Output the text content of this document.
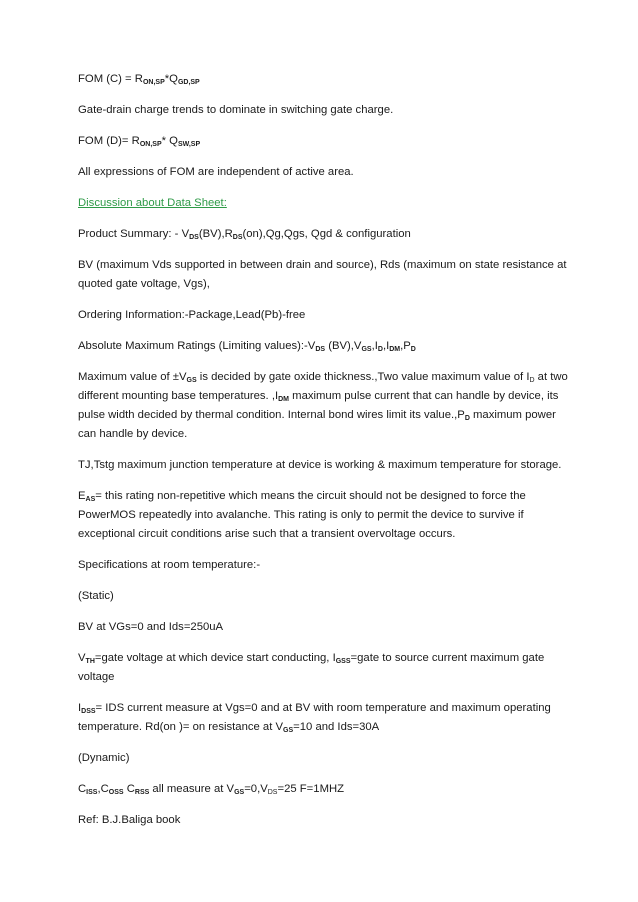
FOM $(C) = R_{ON,SP}*Q_{GD,SP}$

Gate-drain charge trends to dominate in switching gate charge.

FOM $(D)= R_{ON,SP}*$ $Q_{SW,SP}$

All expressions of FOM are independent of active area.

Discussion about Data Sheet:

Product Summary: - $V_{DS}(BV),R_{DS}(on),Qg,Qgs$, Qgd & configuration

BV (maximum Vds supported in between drain and source), Rds (maximum on state resistance at quoted gate voltage, Vgs),

Ordering Information:-Package,Lead(Pb)-free

Absolute Maximum Ratings (Limiting $values):-V_{DS}$ $(BV),V_{GS},I_D,I_{DM},P_D$

Maximum value of $\pm V_{GS}$ is decided by gate oxide thickness.,Two value maximum value of $I_D$ at two different mounting base temperatures. $,I_{DM}$ maximum pulse current that can handle by device, its pulse width decided by thermal condition. Internal bond wires limit its $value.,P_D$ maximum power can handle by device.

TJ,Tstg maximum junction temperature at device is working & maximum temperature for storage.

$E_{AS}=$ this rating non-repetitive which means the circuit should not be designed to force the PowerMOS repeatedly into avalanche. This rating is only to permit the device to survive if exceptional circuit conditions arise such that a transient overvoltage occurs.

Specifications at room temperature:-

(Static)

BV at VGs=0 and Ids=250uA

$V_{TH}=gate$ voltage at which device start conducting, $I_{GSS}=gate$ to source current maximum gate voltage

$I_{DSS}=$ IDS current measure at Vgs=0 and at BV with room temperature and maximum operating temperature. Rd(on )= on resistance at $V_{GS}=10$ and Ids=30A

(Dynamic)

$C_{ISS},C_{OSS}$ $C_{RSS}$ all measure at $V_{GS}=0,V_{DS}=25$ F=1MHZ

Ref: B.J.Baliga book
